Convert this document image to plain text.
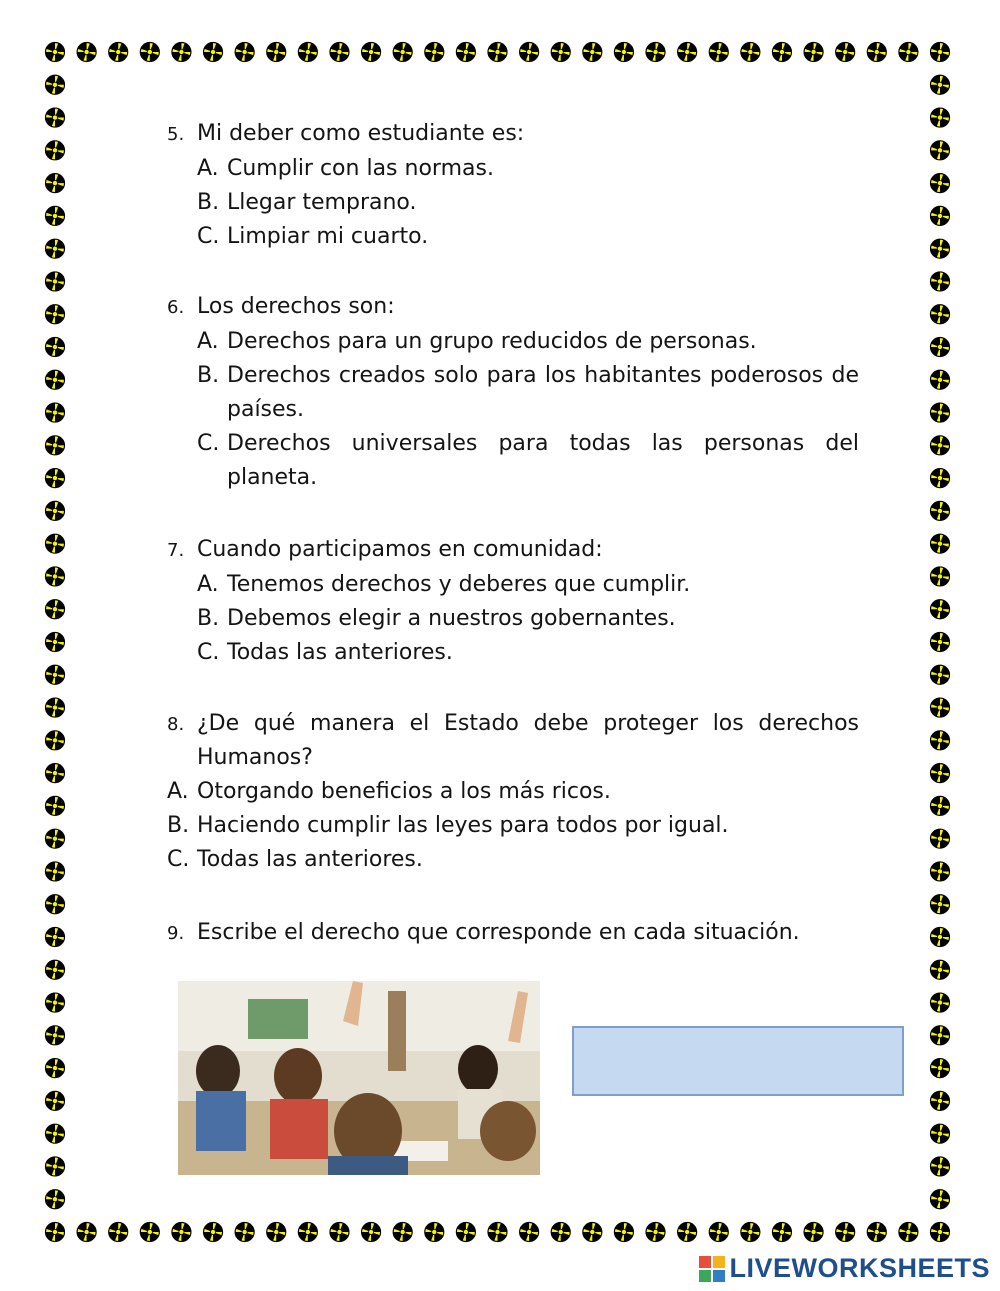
5. Mi deber como estudiante es:
A. Cumplir con las normas.
B. Llegar temprano.
C. Limpiar mi cuarto.
6. Los derechos son:
A. Derechos para un grupo reducidos de personas.
B. Derechos creados solo para los habitantes poderosos de países.
C. Derechos universales para todas las personas del planeta.
7. Cuando participamos en comunidad:
A. Tenemos derechos y deberes que cumplir.
B. Debemos elegir a nuestros gobernantes.
C. Todas las anteriores.
8. ¿De qué manera el Estado debe proteger los derechos Humanos?
A. Otorgando beneficios a los más ricos.
B. Haciendo cumplir las leyes para todos por igual.
C. Todas las anteriores.
9. Escribe el derecho que corresponde en cada situación.
LIVEWORKSHEETS
